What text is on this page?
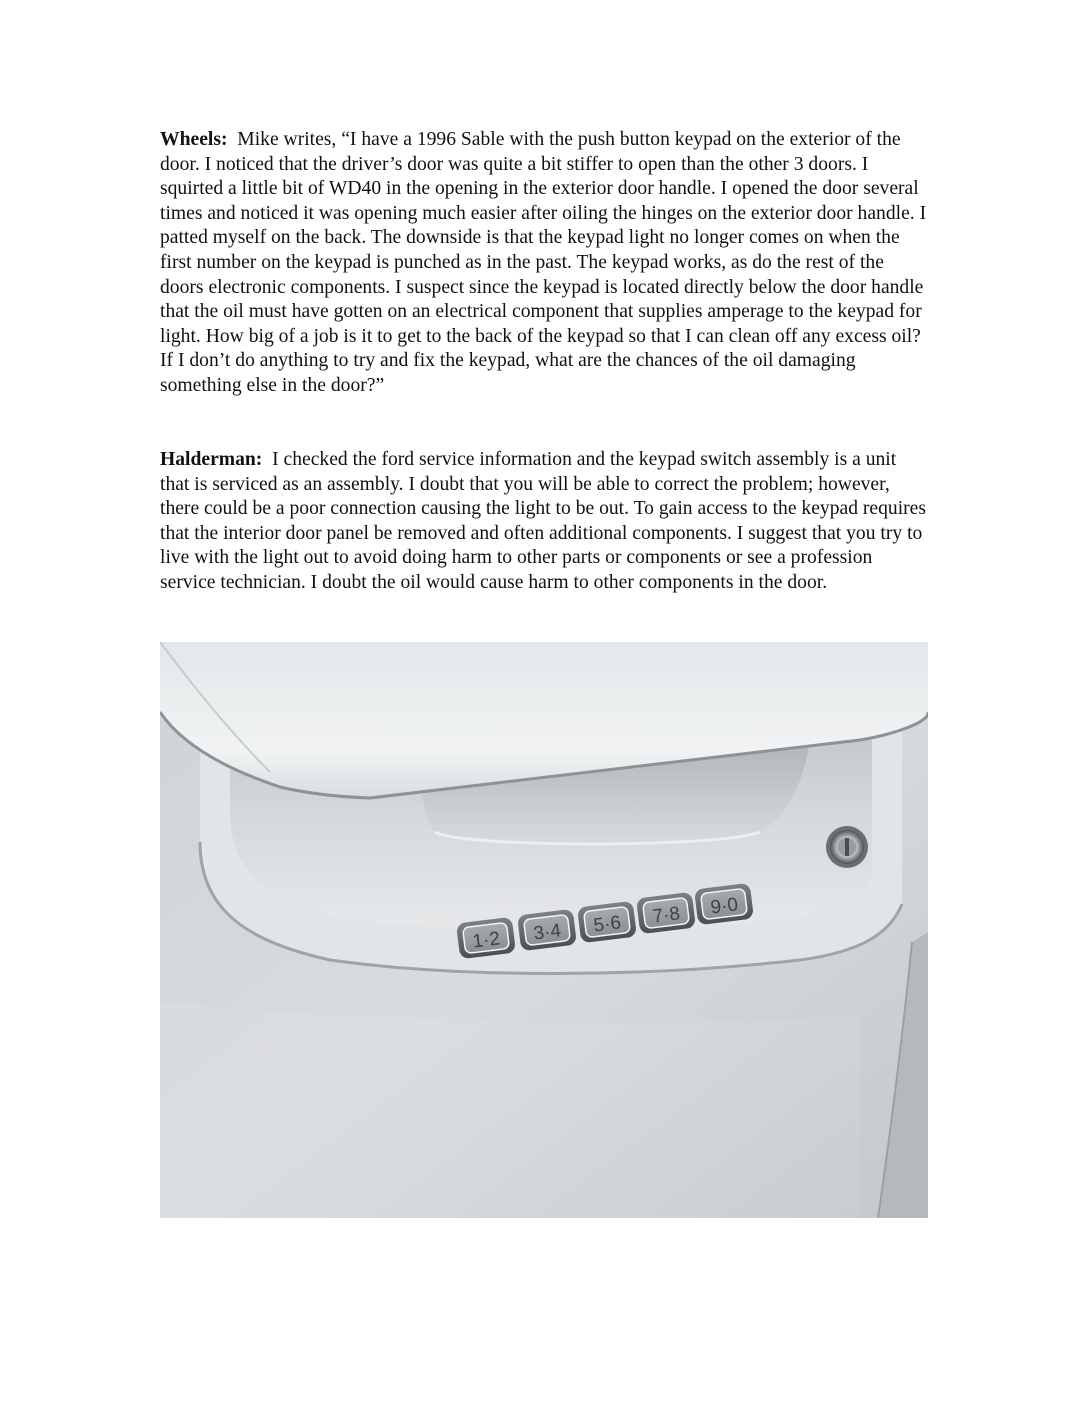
Wheels: Mike writes, “I have a 1996 Sable with the push button keypad on the exterior of the door. I noticed that the driver’s door was quite a bit stiffer to open than the other 3 doors. I squirted a little bit of WD40 in the opening in the exterior door handle. I opened the door several times and noticed it was opening much easier after oiling the hinges on the exterior door handle. I patted myself on the back. The downside is that the keypad light no longer comes on when the first number on the keypad is punched as in the past. The keypad works, as do the rest of the doors electronic components. I suspect since the keypad is located directly below the door handle that the oil must have gotten on an electrical component that supplies amperage to the keypad for light. How big of a job is it to get to the back of the keypad so that I can clean off any excess oil? If I don’t do anything to try and fix the keypad, what are the chances of the oil damaging something else in the door?”

Halderman: I checked the ford service information and the keypad switch assembly is a unit that is serviced as an assembly. I doubt that you will be able to correct the problem; however, there could be a poor connection causing the light to be out. To gain access to the keypad requires that the interior door panel be removed and often additional components. I suggest that you try to live with the light out to avoid doing harm to other parts or components or see a profession service technician. I doubt the oil would cause harm to other components in the door.

1·2 3·4 5·6 7·8 9·0
